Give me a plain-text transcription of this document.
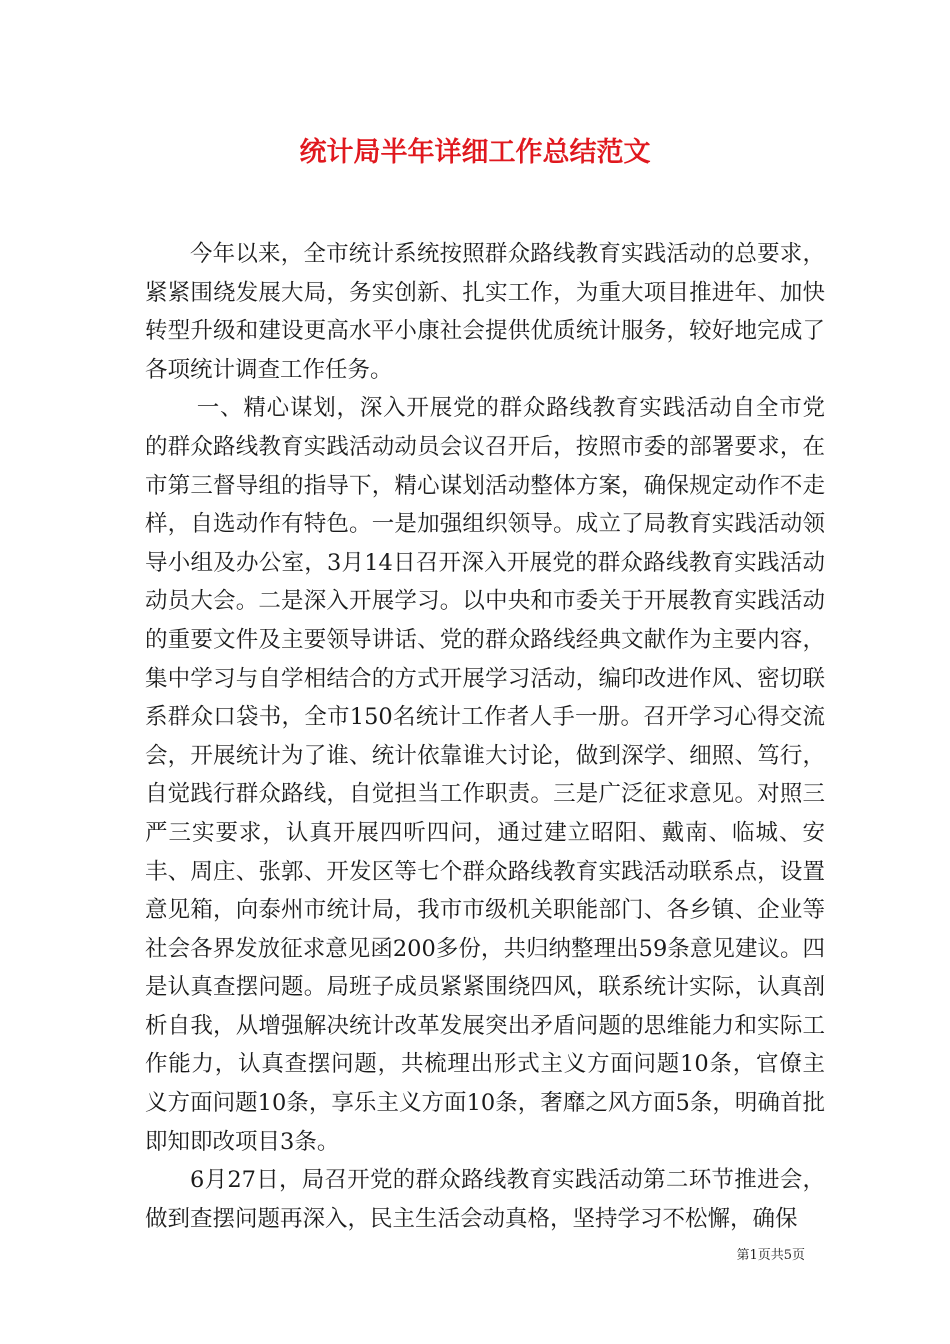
统计局半年详细工作总结范文

今年以来，全市统计系统按照群众路线教育实践活动的总要求，紧紧围绕发展大局，务实创新、扎实工作，为重大项目推进年、加快转型升级和建设更高水平小康社会提供优质统计服务，较好地完成了各项统计调查工作任务。

一、精心谋划，深入开展党的群众路线教育实践活动自全市党的群众路线教育实践活动动员会议召开后，按照市委的部署要求，在市第三督导组的指导下，精心谋划活动整体方案，确保规定动作不走样，自选动作有特色。一是加强组织领导。成立了局教育实践活动领导小组及办公室，3月14日召开深入开展党的群众路线教育实践活动动员大会。二是深入开展学习。以中央和市委关于开展教育实践活动的重要文件及主要领导讲话、党的群众路线经典文献作为主要内容，集中学习与自学相结合的方式开展学习活动，编印改进作风、密切联系群众口袋书，全市150名统计工作者人手一册。召开学习心得交流会，开展统计为了谁、统计依靠谁大讨论，做到深学、细照、笃行，自觉践行群众路线，自觉担当工作职责。三是广泛征求意见。对照三严三实要求，认真开展四听四问，通过建立昭阳、戴南、临城、安丰、周庄、张郭、开发区等七个群众路线教育实践活动联系点，设置意见箱，向泰州市统计局，我市市级机关职能部门、各乡镇、企业等社会各界发放征求意见函200多份，共归纳整理出59条意见建议。四是认真查摆问题。局班子成员紧紧围绕四风，联系统计实际，认真剖析自我，从增强解决统计改革发展突出矛盾问题的思维能力和实际工作能力，认真查摆问题，共梳理出形式主义方面问题10条，官僚主义方面问题10条，享乐主义方面10条，奢靡之风方面5条，明确首批即知即改项目3条。

6月27日，局召开党的群众路线教育实践活动第二环节推进会，做到查摆问题再深入，民主生活会动真格，坚持学习不松懈，确保

第1页共5页
